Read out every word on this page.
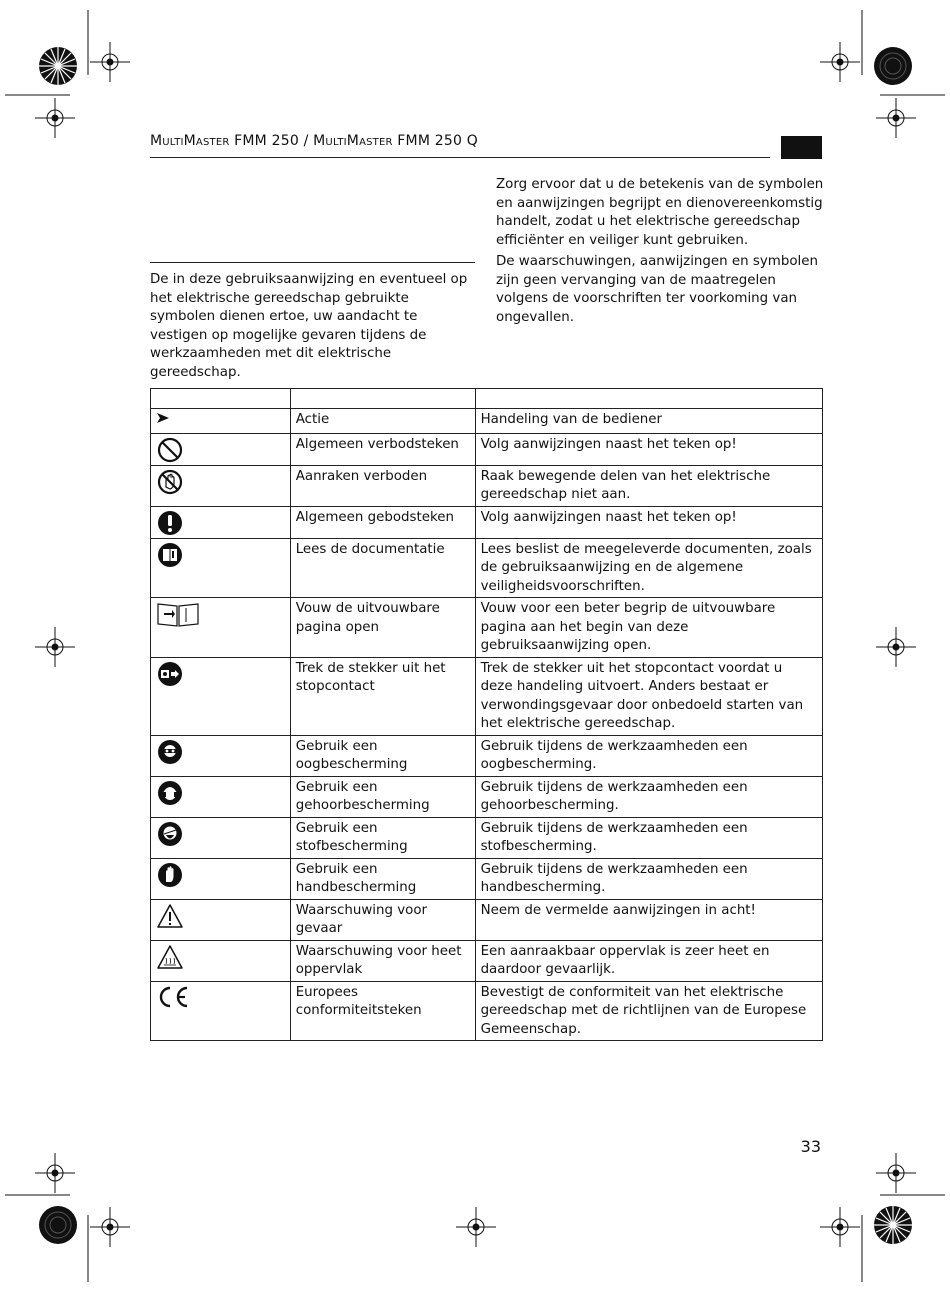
MultiMaster FMM 250 / MultiMaster FMM 250 Q
De in deze gebruiksaanwijzing en eventueel op het elektrische gereedschap gebruikte symbolen dienen ertoe, uw aandacht te vestigen op mogelijke gevaren tijdens de werkzaamheden met dit elektrische gereedschap.

Zorg ervoor dat u de betekenis van de symbolen en aanwijzingen begrijpt en dienovereenkomstig handelt, zodat u het elektrische gereedschap efficiënter en veiliger kunt gebruiken.

De waarschuwingen, aanwijzingen en symbolen zijn geen vervanging van de maatregelen volgens de voorschriften ter voorkoming van ongevallen.

	Actie	Handeling van de bediener

	Algemeen verbodsteken	Volg aanwijzingen naast het teken op!

	Aanraken verboden	Raak bewegende delen van het elektrische gereedschap niet aan.

	Algemeen gebodsteken	Volg aanwijzingen naast het teken op!

	Lees de documentatie	Lees beslist de meegeleverde documenten, zoals de gebruiksaanwijzing en de algemene veiligheidsvoorschriften.
	Vouw de uitvouwbare pagina open	Vouw voor een beter begrip de uitvouwbare pagina aan het begin van deze gebruiksaanwijzing open.

	Trek de stekker uit het stopcontact	Trek de stekker uit het stopcontact voordat u deze handeling uitvoert. Anders bestaat er verwondingsgevaar door onbedoeld starten van het elektrische gereedschap.

	Gebruik een oogbescherming	Gebruik tijdens de werkzaamheden een oogbescherming.

	Gebruik een gehoorbescherming	Gebruik tijdens de werkzaamheden een gehoorbescherming.

	Gebruik een stofbescherming	Gebruik tijdens de werkzaamheden een stofbescherming.

	Gebruik een handbescherming	Gebruik tijdens de werkzaamheden een handbescherming.

	Waarschuwing voor gevaar	Neem de vermelde aanwijzingen in acht!

	Waarschuwing voor heet oppervlak	Een aanraakbaar oppervlak is zeer heet en daardoor gevaarlijk.
	Europees conformiteitsteken	Bevestigt de conformiteit van het elektrische gereedschap met de richtlijnen van de Europese Gemeenschap.
33
